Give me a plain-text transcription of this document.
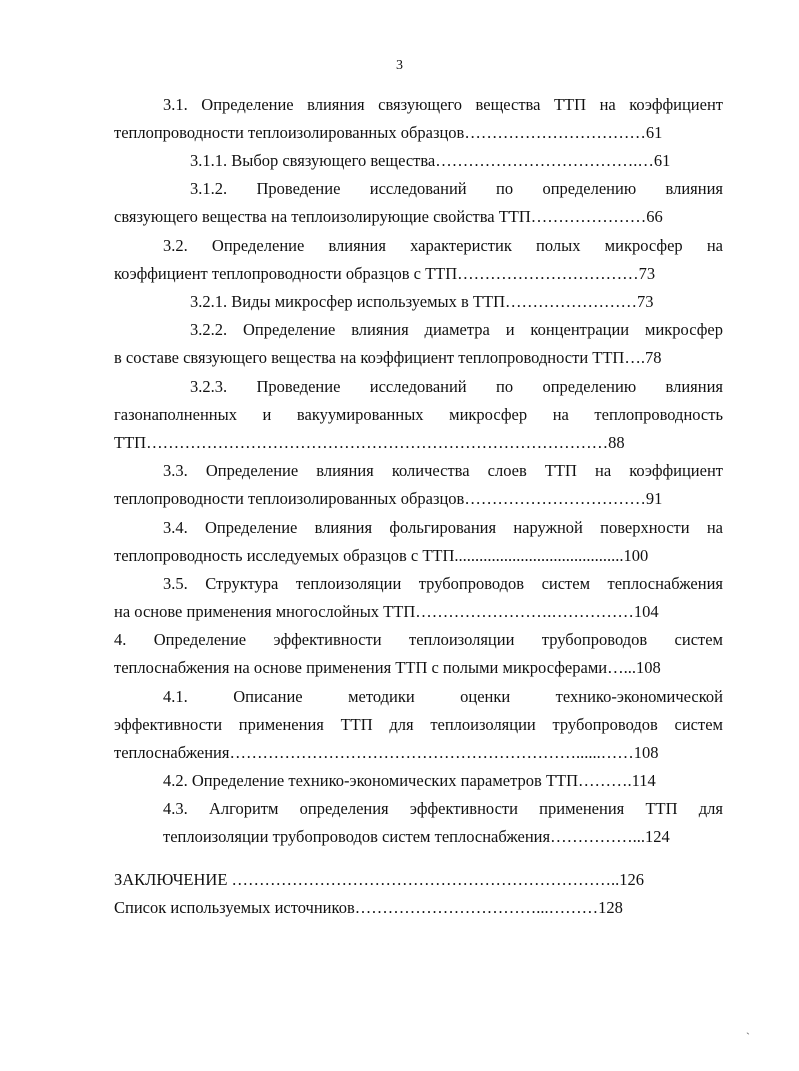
3
3.1. Определение влияния связующего вещества ТТП на коэффициент
теплопроводности теплоизолированных образцов……………………………61
3.1.1. Выбор связующего вещества……………………………….…61
3.1.2. Проведение исследований по определению влияния
связующего вещества на теплоизолирующие свойства ТТП…………………66
3.2. Определение влияния характеристик полых микросфер на
коэффициент теплопроводности образцов с ТТП……………………………73
3.2.1. Виды микросфер используемых в ТТП……………………73
3.2.2. Определение влияния диаметра и концентрации микросфер
в составе связующего вещества на коэффициент теплопроводности ТТП….78
3.2.3. Проведение исследований по определению влияния
газонаполненных и вакуумированных микросфер на теплопроводность
ТТП…………………………………………………………………………88
3.3. Определение влияния количества слоев ТТП на коэффициент
теплопроводности теплоизолированных образцов……………………………91
3.4. Определение влияния фольгирования наружной поверхности на
теплопроводность исследуемых образцов с ТТП.........................................100
3.5. Структура теплоизоляции трубопроводов систем теплоснабжения
на основе применения многослойных ТТП…………………….……………104
4. Определение эффективности теплоизоляции трубопроводов систем
теплоснабжения на основе применения ТТП с полыми микросферами…...108
4.1. Описание методики оценки технико-экономической
эффективности применения ТТП для теплоизоляции трубопроводов систем
теплоснабжения………………………………………………………......……108
4.2. Определение технико-экономических параметров ТТП……….114
4.3. Алгоритм определения эффективности применения ТТП для
теплоизоляции трубопроводов систем теплоснабжения……………...124
ЗАКЛЮЧЕНИЕ ……………………………………………………………..126
Список используемых источников……………………………...………128
`
